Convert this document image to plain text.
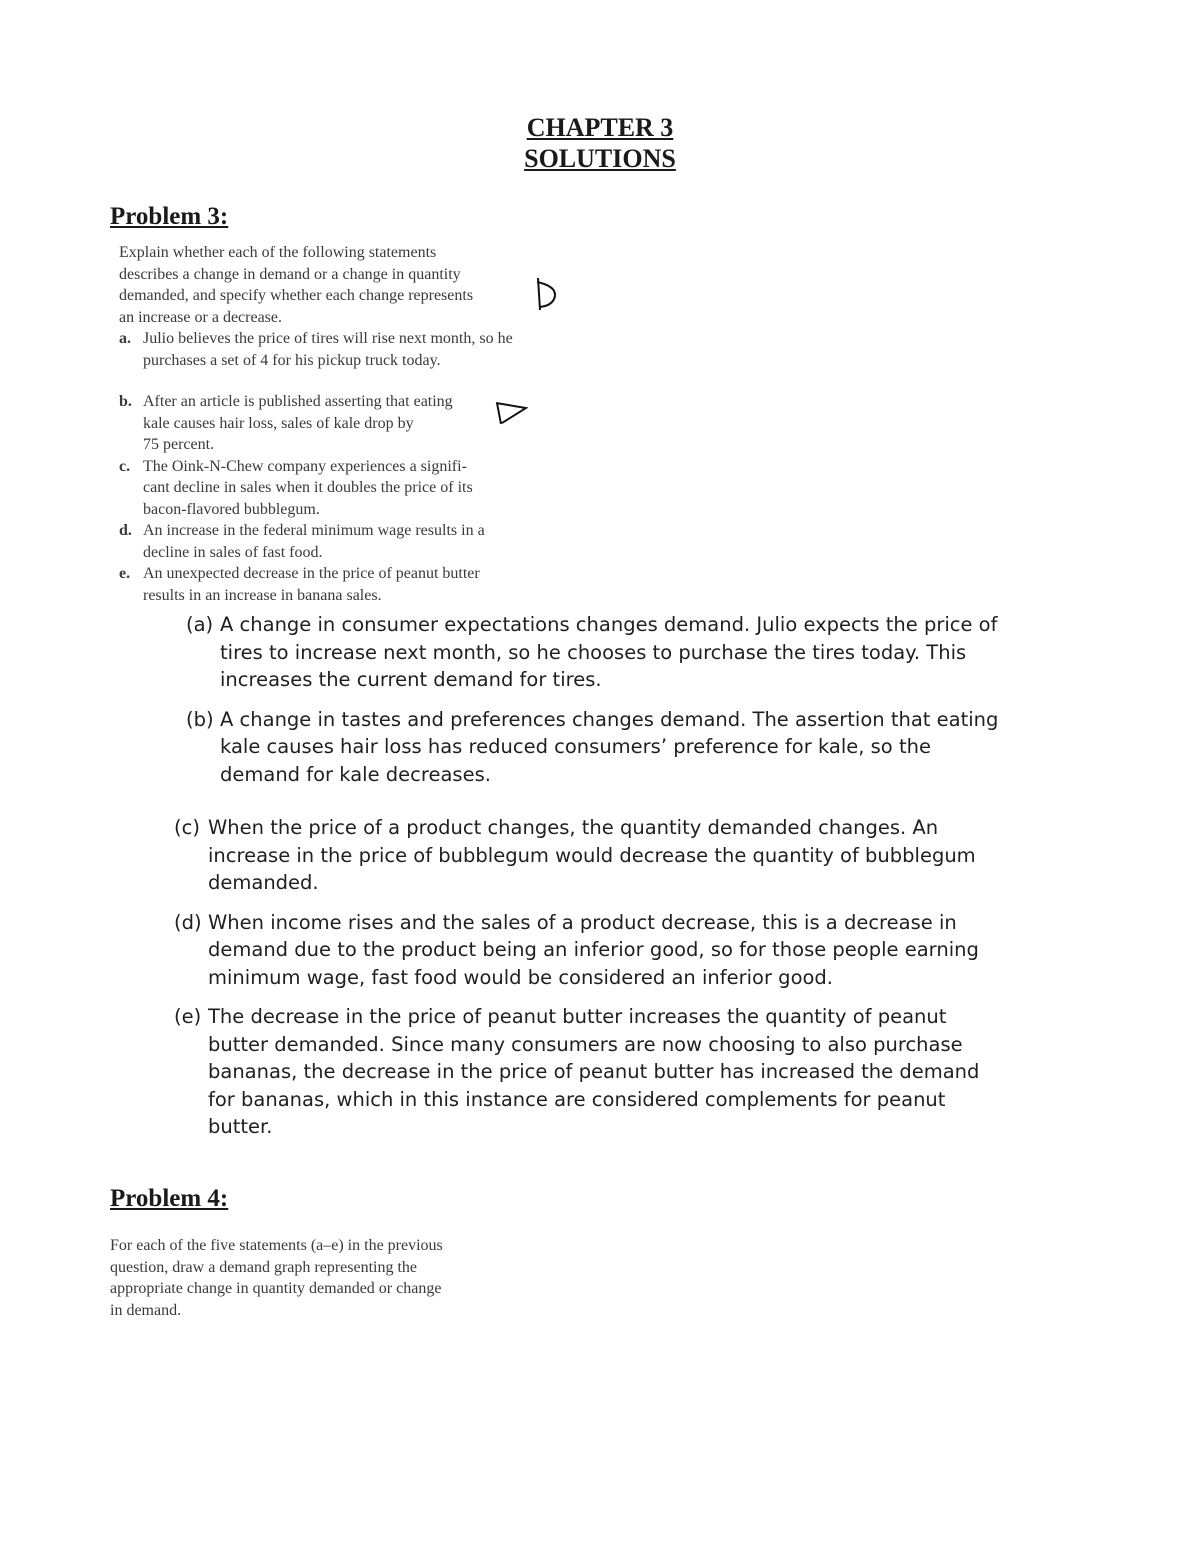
CHAPTER 3
SOLUTIONS
Problem 3:
Explain whether each of the following statements
describes a change in demand or a change in quantity
demanded, and specify whether each change represents
an increase or a decrease.
a. Julio believes the price of tires will rise next month, so he
purchases a set of 4 for his pickup truck today.
b. After an article is published asserting that eating
kale causes hair loss, sales of kale drop by
75 percent.
c. The Oink-N-Chew company experiences a signifi-
cant decline in sales when it doubles the price of its
bacon-flavored bubblegum.
d. An increase in the federal minimum wage results in a
decline in sales of fast food.
e. An unexpected decrease in the price of peanut butter
results in an increase in banana sales.
(a) A change in consumer expectations changes demand. Julio expects the price of
tires to increase next month, so he chooses to purchase the tires today. This
increases the current demand for tires.
(b) A change in tastes and preferences changes demand. The assertion that eating
kale causes hair loss has reduced consumers’ preference for kale, so the
demand for kale decreases.
(c) When the price of a product changes, the quantity demanded changes. An
increase in the price of bubblegum would decrease the quantity of bubblegum
demanded.
(d) When income rises and the sales of a product decrease, this is a decrease in
demand due to the product being an inferior good, so for those people earning
minimum wage, fast food would be considered an inferior good.
(e) The decrease in the price of peanut butter increases the quantity of peanut
butter demanded. Since many consumers are now choosing to also purchase
bananas, the decrease in the price of peanut butter has increased the demand
for bananas, which in this instance are considered complements for peanut
butter.
Problem 4:
For each of the five statements (a–e) in the previous
question, draw a demand graph representing the
appropriate change in quantity demanded or change
in demand.
